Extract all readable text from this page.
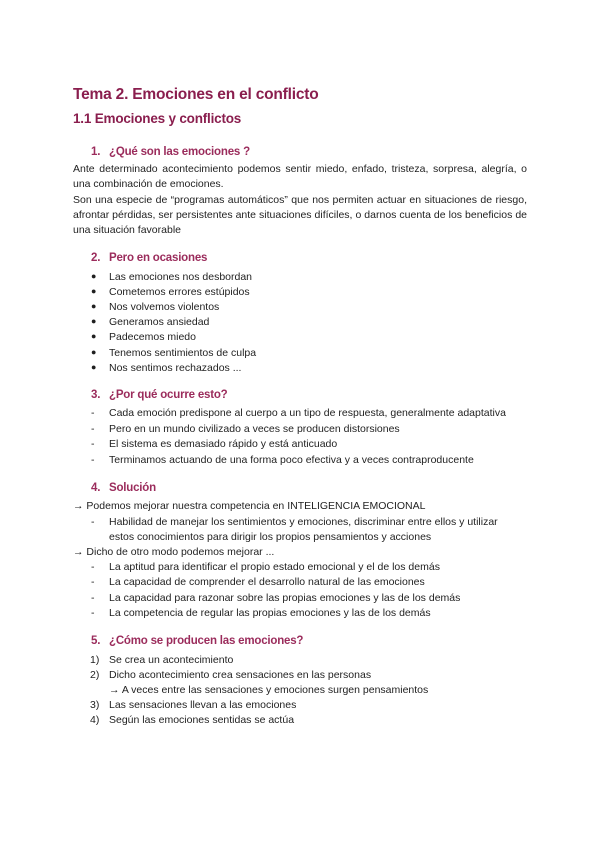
Tema 2. Emociones en el conflicto
1.1 Emociones y conflictos
1. ¿Qué son las emociones ?
Ante determinado acontecimiento podemos sentir miedo, enfado, tristeza, sorpresa, alegría, o una combinación de emociones.
Son una especie de “programas automáticos” que nos permiten actuar en situaciones de riesgo, afrontar pérdidas, ser persistentes ante situaciones difíciles, o darnos cuenta de los beneficios de una situación favorable
2. Pero en ocasiones
● Las emociones nos desbordan
● Cometemos errores estúpidos
● Nos volvemos violentos
● Generamos ansiedad
● Padecemos miedo
● Tenemos sentimientos de culpa
● Nos sentimos rechazados ...
3. ¿Por qué ocurre esto?
- Cada emoción predispone al cuerpo a un tipo de respuesta, generalmente adaptativa
- Pero en un mundo civilizado a veces se producen distorsiones
- El sistema es demasiado rápido y está anticuado
- Terminamos actuando de una forma poco efectiva y a veces contraproducente
4. Solución
→ Podemos mejorar nuestra competencia en INTELIGENCIA EMOCIONAL
- Habilidad de manejar los sentimientos y emociones, discriminar entre ellos y utilizar
estos conocimientos para dirigir los propios pensamientos y acciones
→ Dicho de otro modo podemos mejorar ...
- La aptitud para identificar el propio estado emocional y el de los demás
- La capacidad de comprender el desarrollo natural de las emociones
- La capacidad para razonar sobre las propias emociones y las de los demás
- La competencia de regular las propias emociones y las de los demás
5. ¿Cómo se producen las emociones?
1) Se crea un acontecimiento
2) Dicho acontecimiento crea sensaciones en las personas
→ A veces entre las sensaciones y emociones surgen pensamientos
3) Las sensaciones llevan a las emociones
4) Según las emociones sentidas se actúa
